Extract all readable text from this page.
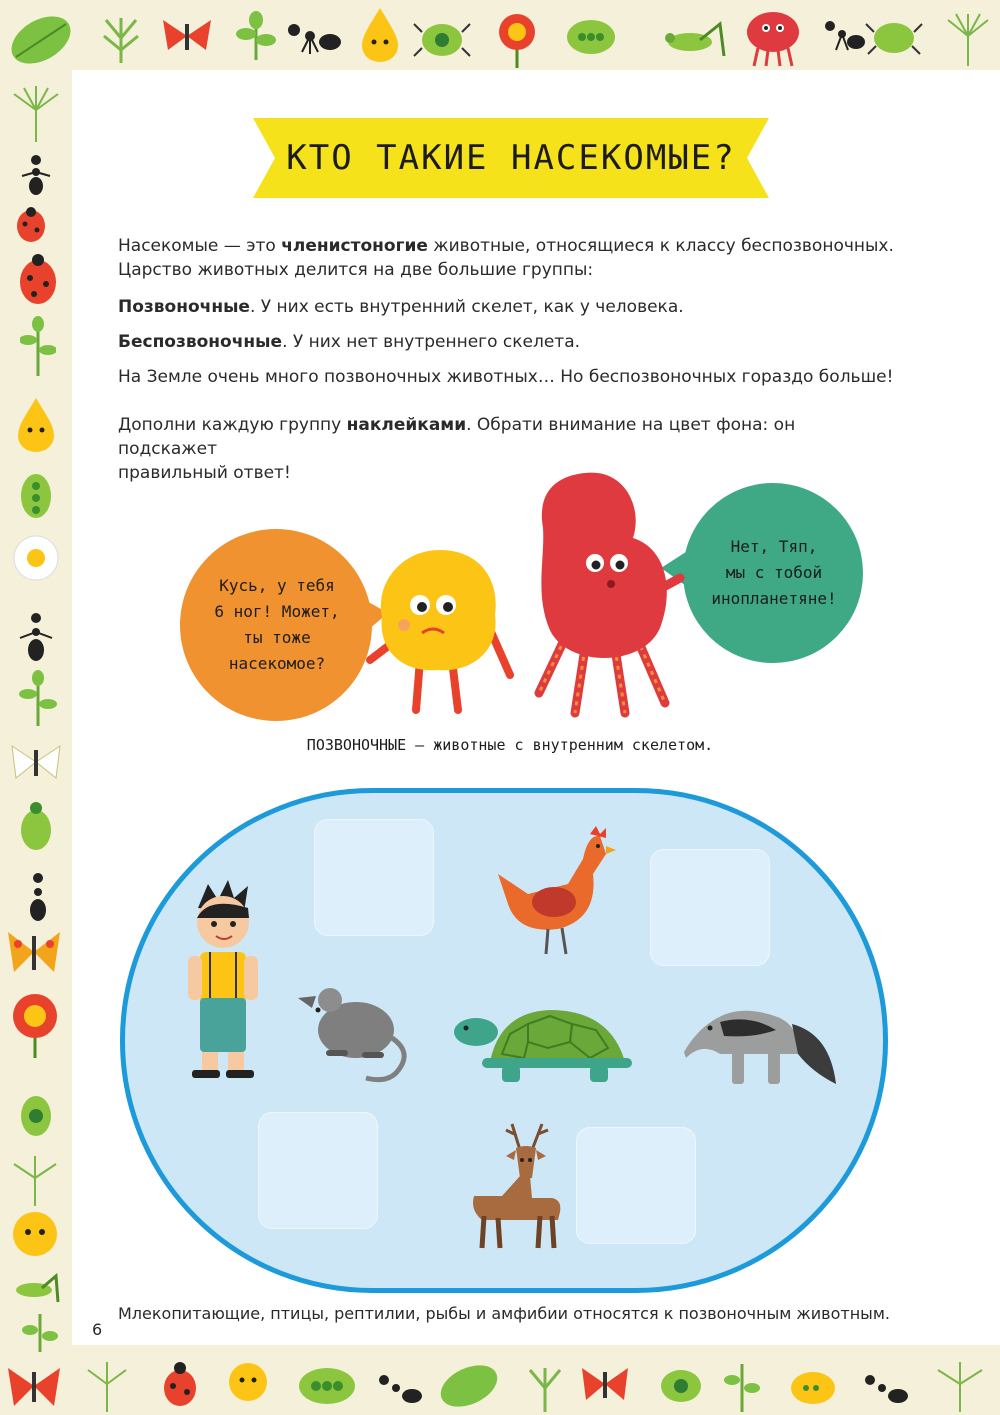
КТО ТАКИЕ НАСЕКОМЫЕ?
Насекомые — это членистоногие животные, относящиеся к классу беспозвоночных.
Царство животных делится на две большие группы:
Позвоночные. У них есть внутренний скелет, как у человека.
Беспозвоночные. У них нет внутреннего скелета.
На Земле очень много позвоночных животных… Но беспозвоночных гораздо больше!
Дополни каждую группу наклейками. Обрати внимание на цвет фона: он подскажет
правильный ответ!
Кусь, у тебя
6 ног! Может,
ты тоже
насекомое?
Нет, Тяп,
мы с тобой
инопланетяне!
ПОЗВОНОЧНЫЕ — животные с внутренним скелетом.
6
Млекопитающие, птицы, рептилии, рыбы и амфибии относятся к позвоночным животным.
